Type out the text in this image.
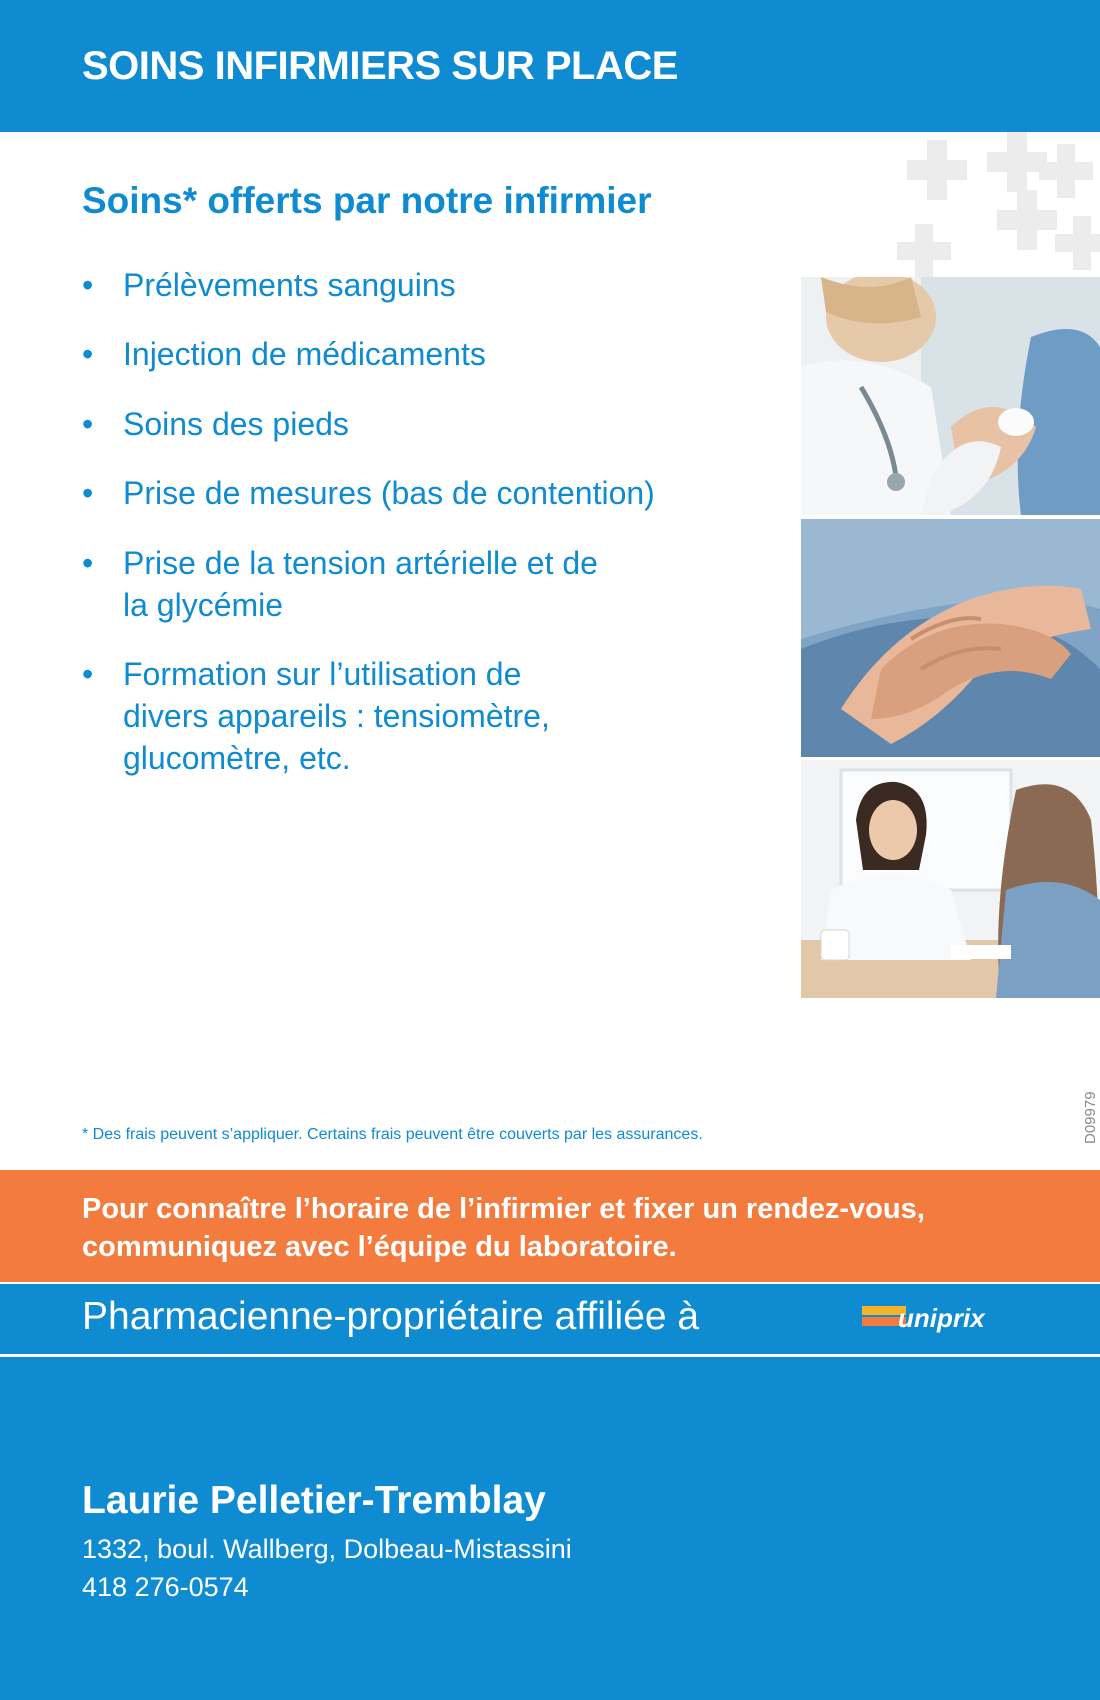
SOINS INFIRMIERS SUR PLACE
Soins* offerts par notre infirmier
• Prélèvements sanguins
• Injection de médicaments
• Soins des pieds
• Prise de mesures (bas de contention)
• Prise de la tension artérielle et de
la glycémie
• Formation sur l’utilisation de
divers appareils : tensiomètre,
glucomètre, etc.

* Des frais peuvent s’appliquer. Certains frais peuvent être couverts par les assurances.	D09979

Pour connaître l’horaire de l’infirmier et fixer un rendez-vous,
communiquez avec l’équipe du laboratoire.

Pharmacienne-propriétaire affiliée à	uniprix
Laurie Pelletier-Tremblay

1332, boul. Wallberg, Dolbeau-Mistassini

418 276-0574
